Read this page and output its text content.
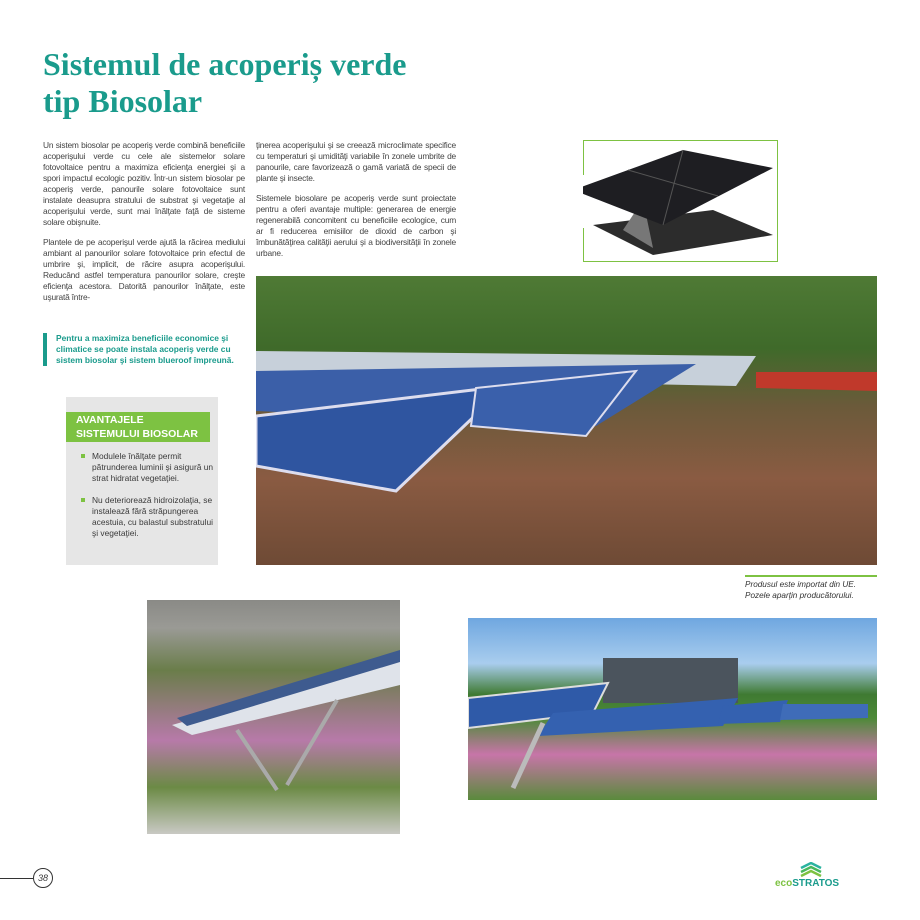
Sistemul de acoperiș verde
tip Biosolar

Un sistem biosolar pe acoperiş verde combină beneficiile acoperişului verde cu cele ale sistemelor solare fotovoltaice pentru a maximiza eficienţa energiei şi a spori impactul ecologic pozitiv. Într-un sistem biosolar pe acoperiş verde, panourile solare fotovoltaice sunt instalate deasupra stratului de substrat şi vegetaţie al acoperişului verde, sunt mai înălţate faţă de sisteme solare obişnuite.

Plantele de pe acoperişul verde ajută la răcirea mediului ambiant al panourilor solare fotovoltaice prin efectul de umbrire şi, implicit, de răcire asupra acoperişului. Reducând astfel temperatura panourilor solare, creşte eficienţa acestora. Datorită panourilor înălţate, este uşurată între-

ţinerea acoperişului şi se creează microclimate specifice cu temperaturi şi umidităţi variabile în zonele umbrite de panourile, care favorizează o gamă variată de specii de plante şi insecte.

Sistemele biosolare pe acoperiş verde sunt proiectate pentru a oferi avantaje multiple: generarea de energie regenerabilă concomitent cu beneficiile ecologice, cum ar fi reducerea emisiilor de dioxid de carbon şi îmbunătăţirea calităţii aerului şi a biodiversităţii în zonele urbane.

Pentru a maximiza beneficiile economice şi climatice se poate instala acoperiş verde cu sistem biosolar şi sistem blueroof împreună.
AVANTAJELE
SISTEMULUI BIOSOLAR
Modulele înălţate permit pătrunderea luminii şi asigură un strat hidratat vegetaţiei.
Nu deteriorează hidroizolaţia, se instalează fără străpungerea acestuia, cu balastul substratului şi vegetaţiei.
Produsul este importat din UE.
Pozele aparţin producătorului.
38	ecoSTRATOS
